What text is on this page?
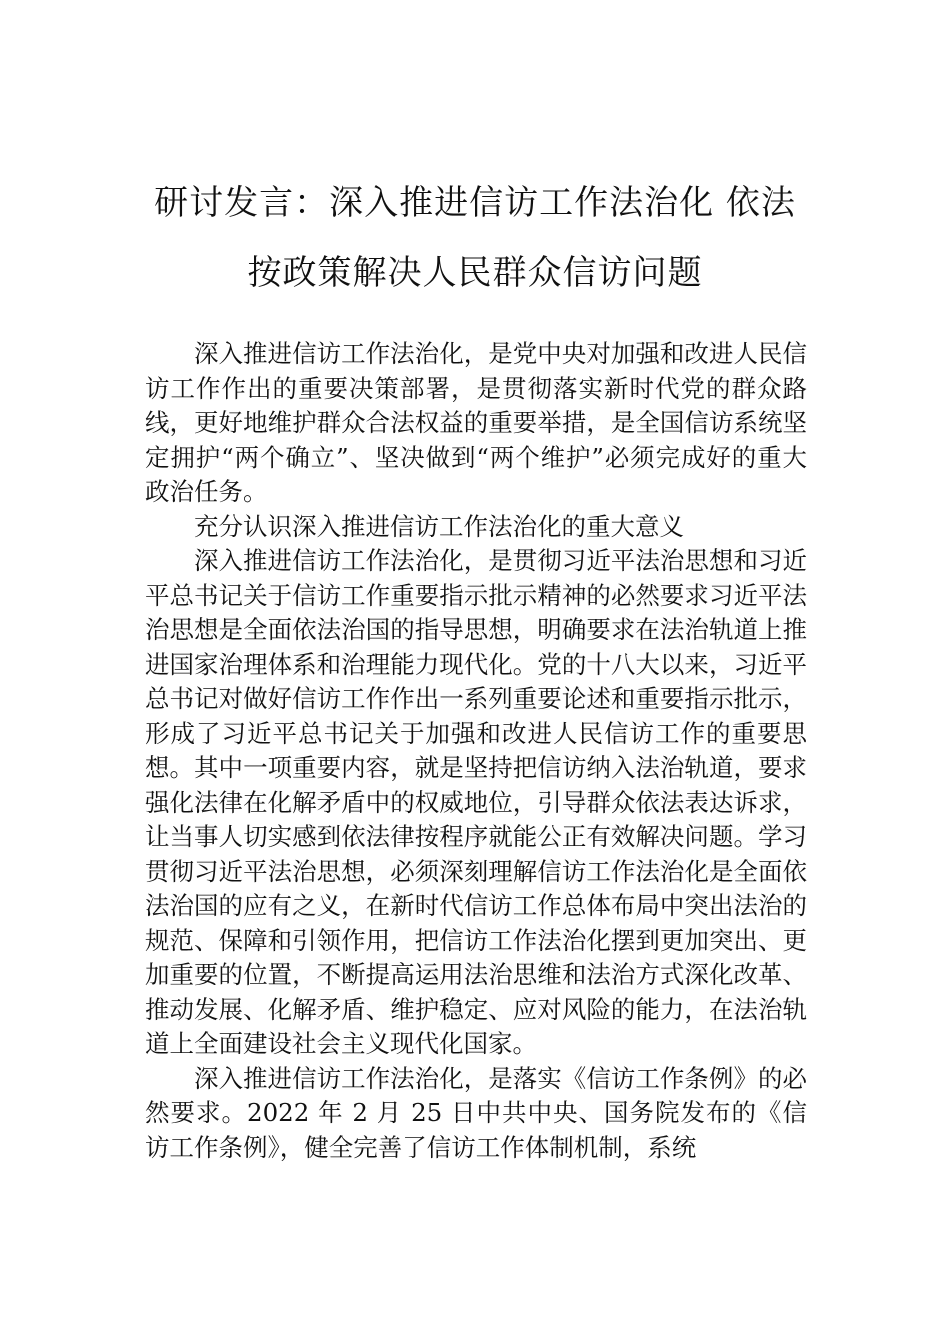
研讨发言：深入推进信访工作法治化 依法
按政策解决人民群众信访问题

深入推进信访工作法治化，是党中央对加强和改进人民信访工作作出的重要决策部署，是贯彻落实新时代党的群众路线，更好地维护群众合法权益的重要举措，是全国信访系统坚定拥护“两个确立”、坚决做到“两个维护”必须完成好的重大政治任务。

充分认识深入推进信访工作法治化的重大意义

深入推进信访工作法治化，是贯彻习近平法治思想和习近平总书记关于信访工作重要指示批示精神的必然要求习近平法治思想是全面依法治国的指导思想，明确要求在法治轨道上推进国家治理体系和治理能力现代化。党的十八大以来，习近平总书记对做好信访工作作出一系列重要论述和重要指示批示，形成了习近平总书记关于加强和改进人民信访工作的重要思想。其中一项重要内容，就是坚持把信访纳入法治轨道，要求强化法律在化解矛盾中的权威地位，引导群众依法表达诉求，让当事人切实感到依法律按程序就能公正有效解决问题。学习贯彻习近平法治思想，必须深刻理解信访工作法治化是全面依法治国的应有之义，在新时代信访工作总体布局中突出法治的规范、保障和引领作用，把信访工作法治化摆到更加突出、更加重要的位置，不断提高运用法治思维和法治方式深化改革、推动发展、化解矛盾、维护稳定、应对风险的能力，在法治轨道上全面建设社会主义现代化国家。

深入推进信访工作法治化，是落实《信访工作条例》的必然要求。2022 年 2 月 25 日中共中央、国务院发布的《信访工作条例》，健全完善了信访工作体制机制，系统
